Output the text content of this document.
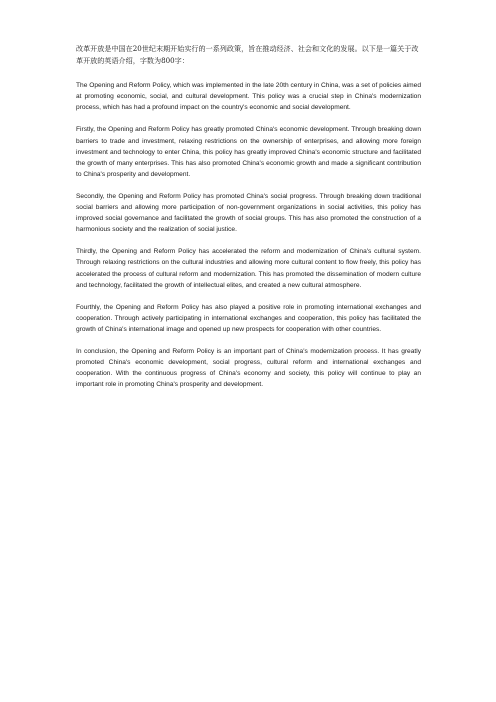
改革开放是中国在20世纪末期开始实行的一系列政策，旨在推动经济、社会和文化的发展。以下是一篇关于改革开放的英语介绍，字数为800字：

The Opening and Reform Policy, which was implemented in the late 20th century in China, was a set of policies aimed at promoting economic, social, and cultural development. This policy was a crucial step in China's modernization process, which has had a profound impact on the country's economic and social development.

Firstly, the Opening and Reform Policy has greatly promoted China's economic development. Through breaking down barriers to trade and investment, relaxing restrictions on the ownership of enterprises, and allowing more foreign investment and technology to enter China, this policy has greatly improved China's economic structure and facilitated the growth of many enterprises. This has also promoted China's economic growth and made a significant contribution to China's prosperity and development.

Secondly, the Opening and Reform Policy has promoted China's social progress. Through breaking down traditional social barriers and allowing more participation of non-government organizations in social activities, this policy has improved social governance and facilitated the growth of social groups. This has also promoted the construction of a harmonious society and the realization of social justice.

Thirdly, the Opening and Reform Policy has accelerated the reform and modernization of China's cultural system. Through relaxing restrictions on the cultural industries and allowing more cultural content to flow freely, this policy has accelerated the process of cultural reform and modernization. This has promoted the dissemination of modern culture and technology, facilitated the growth of intellectual elites, and created a new cultural atmosphere.

Fourthly, the Opening and Reform Policy has also played a positive role in promoting international exchanges and cooperation. Through actively participating in international exchanges and cooperation, this policy has facilitated the growth of China's international image and opened up new prospects for cooperation with other countries.

In conclusion, the Opening and Reform Policy is an important part of China's modernization process. It has greatly promoted China's economic development, social progress, cultural reform and international exchanges and cooperation. With the continuous progress of China's economy and society, this policy will continue to play an important role in promoting China's prosperity and development.
